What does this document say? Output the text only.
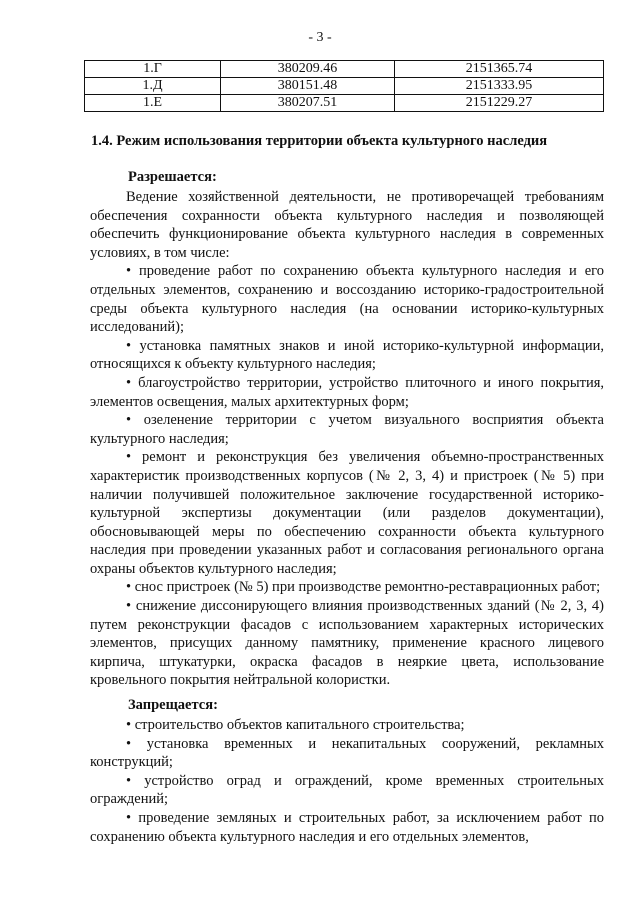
- 3 -
1.Г	380209.46	2151365.74
1.Д	380151.48	2151333.95
1.Е	380207.51	2151229.27
1.4. Режим использования территории объекта культурного наследия
Разрешается:

Ведение хозяйственной деятельности, не противоречащей требованиям обеспечения сохранности объекта культурного наследия и позволяющей обеспечить функционирование объекта культурного наследия в современных условиях, в том числе:

• проведение работ по сохранению объекта культурного наследия и его отдельных элементов, сохранению и воссозданию историко-градостроительной среды объекта культурного наследия (на основании историко-культурных исследований);

• установка памятных знаков и иной историко-культурной информации, относящихся к объекту культурного наследия;

• благоустройство территории, устройство плиточного и иного покрытия, элементов освещения, малых архитектурных форм;

• озеленение территории с учетом визуального восприятия объекта культурного наследия;

• ремонт и реконструкция без увеличения объемно-пространственных характеристик производственных корпусов (№ 2, 3, 4) и пристроек (№ 5) при наличии получившей положительное заключение государственной историко-культурной экспертизы документации (или разделов документации), обосновывающей меры по обеспечению сохранности объекта культурного наследия при проведении указанных работ и согласования регионального органа охраны объектов культурного наследия;

• снос пристроек (№ 5) при производстве ремонтно-реставрационных работ;

• снижение диссонирующего влияния производственных зданий (№ 2, 3, 4) путем реконструкции фасадов с использованием характерных исторических элементов, присущих данному памятнику, применение красного лицевого кирпича, штукатурки, окраска фасадов в неяркие цвета, использование кровельного покрытия нейтральной колористки.

Запрещается:

• строительство объектов капитального строительства;

• установка временных и некапитальных сооружений, рекламных конструкций;

• устройство оград и ограждений, кроме временных строительных ограждений;

• проведение земляных и строительных работ, за исключением работ по сохранению объекта культурного наследия и его отдельных элементов,
